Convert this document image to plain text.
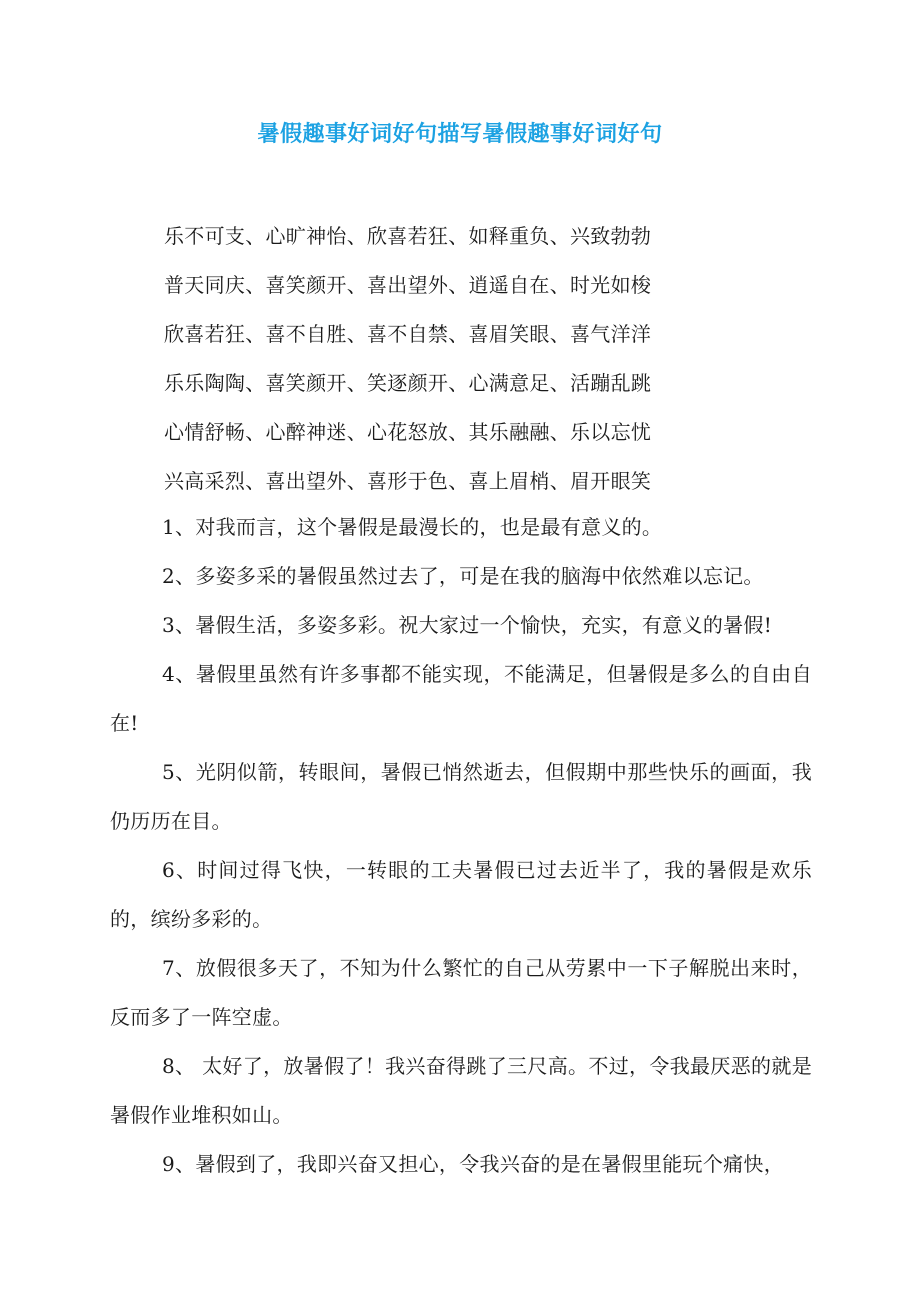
暑假趣事好词好句描写暑假趣事好词好句
乐不可支、心旷神怡、欣喜若狂、如释重负、兴致勃勃
普天同庆、喜笑颜开、喜出望外、逍遥自在、时光如梭
欣喜若狂、喜不自胜、喜不自禁、喜眉笑眼、喜气洋洋
乐乐陶陶、喜笑颜开、笑逐颜开、心满意足、活蹦乱跳
心情舒畅、心醉神迷、心花怒放、其乐融融、乐以忘忧
兴高采烈、喜出望外、喜形于色、喜上眉梢、眉开眼笑

1、对我而言，这个暑假是最漫长的，也是最有意义的。

2、多姿多采的暑假虽然过去了，可是在我的脑海中依然难以忘记。

3、暑假生活，多姿多彩。祝大家过一个愉快，充实，有意义的暑假!

4、暑假里虽然有许多事都不能实现，不能满足，但暑假是多么的自由自在!

5、光阴似箭，转眼间，暑假已悄然逝去，但假期中那些快乐的画面，我仍历历在目。

6、时间过得飞快，一转眼的工夫暑假已过去近半了，我的暑假是欢乐的，缤纷多彩的。

7、放假很多天了，不知为什么繁忙的自己从劳累中一下子解脱出来时，反而多了一阵空虚。

8、 太好了，放暑假了！我兴奋得跳了三尺高。不过，令我最厌恶的就是暑假作业堆积如山。

9、暑假到了，我即兴奋又担心，令我兴奋的是在暑假里能玩个痛快，
